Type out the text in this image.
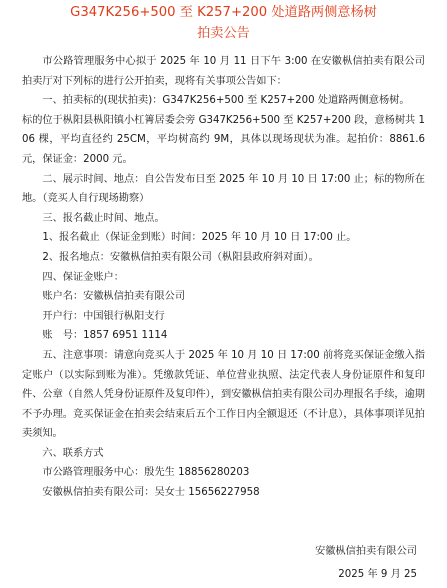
G347K256+500 至 K257+200 处道路两侧意杨树
拍卖公告

市公路管理服务中心拟于 2025 年 10 月 11 日下午 3:00 在安徽枞信拍卖有限公司拍卖厅对下列标的进行公开拍卖，现将有关事项公告如下：

一、拍卖标的(现状拍卖)：G347K256+500 至 K257+200 处道路两侧意杨树。

标的位于枞阳县枞阳镇小杠箐居委会旁 G347K256+500 至 K257+200 段，意杨树共 106 棵，平均直径约 25CM，平均树高约 9M，具体以现场现状为准。起拍价：8861.6 元，保证金：2000 元。

二、展示时间、地点：自公告发布日至 2025 年 10 月 10 日 17:00 止；标的物所在地。（竞买人自行现场勘察）

三、报名截止时间、地点。

1、报名截止（保证金到账）时间：2025 年 10 月 10 日 17:00 止。

2、报名地点：安徽枞信拍卖有限公司（枞阳县政府斜对面）。

四、保证金账户：

账户名：安徽枞信拍卖有限公司

开户行：中国银行枞阳支行

账　号：1857 6951 1114

五、注意事项：请意向竞买人于 2025 年 10 月 10 日 17:00 前将竞买保证金缴入指定账户（以实际到账为准）。凭缴款凭证、单位营业执照、法定代表人身份证原件和复印件、公章（自然人凭身份证原件及复印件），到安徽枞信拍卖有限公司办理报名手续，逾期不予办理。竞买保证金在拍卖会结束后五个工作日内全额退还（不计息），具体事项详见拍卖须知。

六、联系方式

市公路管理服务中心：殷先生 18856280203

安徽枞信拍卖有限公司：吴女士 15656227958

安徽枞信拍卖有限公司
2025 年 9 月 25
